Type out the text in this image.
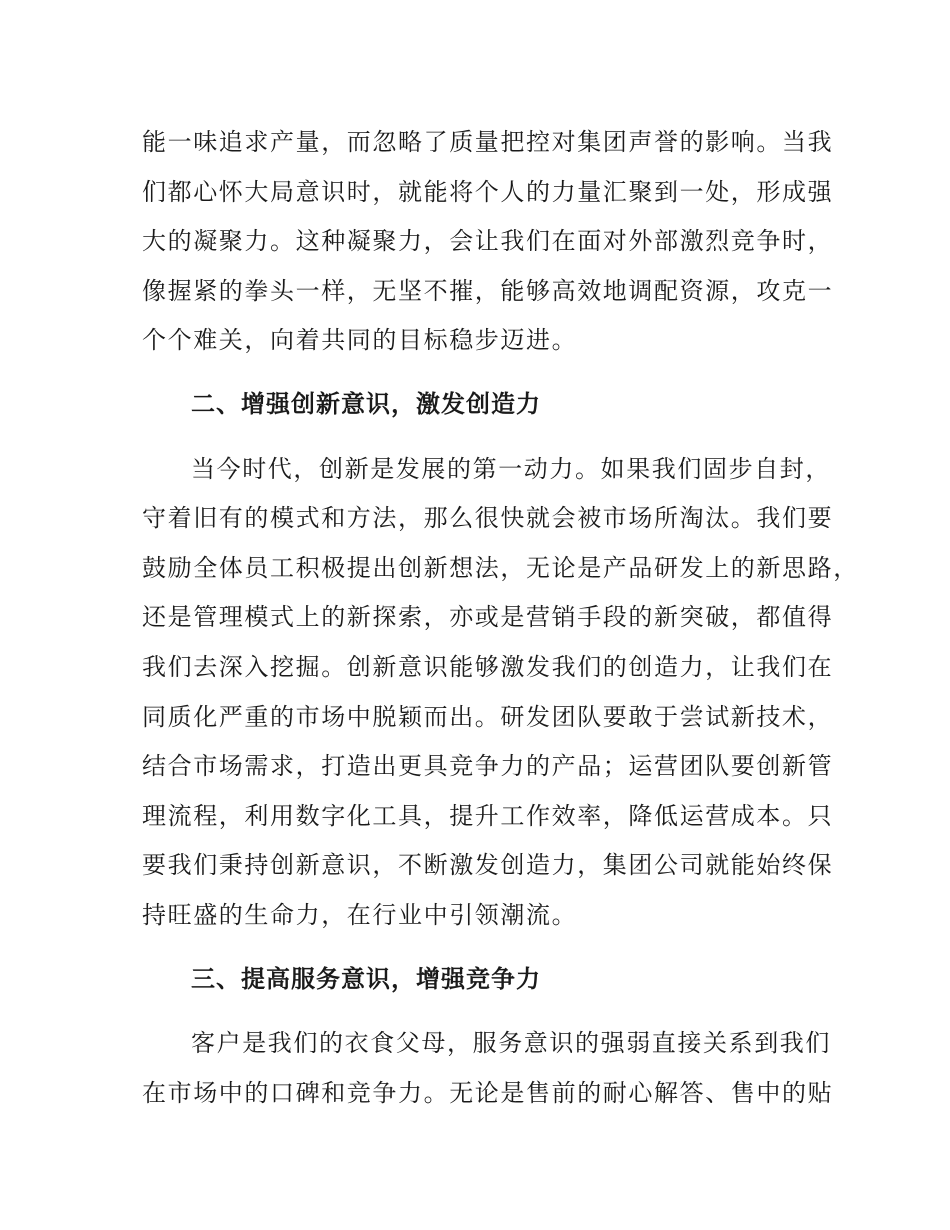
能一味追求产量，而忽略了质量把控对集团声誉的影响。当我
们都心怀大局意识时，就能将个人的力量汇聚到一处，形成强
大的凝聚力。这种凝聚力，会让我们在面对外部激烈竞争时，
像握紧的拳头一样，无坚不摧，能够高效地调配资源，攻克一
个个难关，向着共同的目标稳步迈进。
二、增强创新意识，激发创造力
当今时代，创新是发展的第一动力。如果我们固步自封，
守着旧有的模式和方法，那么很快就会被市场所淘汰。我们要
鼓励全体员工积极提出创新想法，无论是产品研发上的新思路，
还是管理模式上的新探索，亦或是营销手段的新突破，都值得
我们去深入挖掘。创新意识能够激发我们的创造力，让我们在
同质化严重的市场中脱颖而出。研发团队要敢于尝试新技术，
结合市场需求，打造出更具竞争力的产品；运营团队要创新管
理流程，利用数字化工具，提升工作效率，降低运营成本。只
要我们秉持创新意识，不断激发创造力，集团公司就能始终保
持旺盛的生命力，在行业中引领潮流。
三、提高服务意识，增强竞争力
客户是我们的衣食父母，服务意识的强弱直接关系到我们
在市场中的口碑和竞争力。无论是售前的耐心解答、售中的贴
